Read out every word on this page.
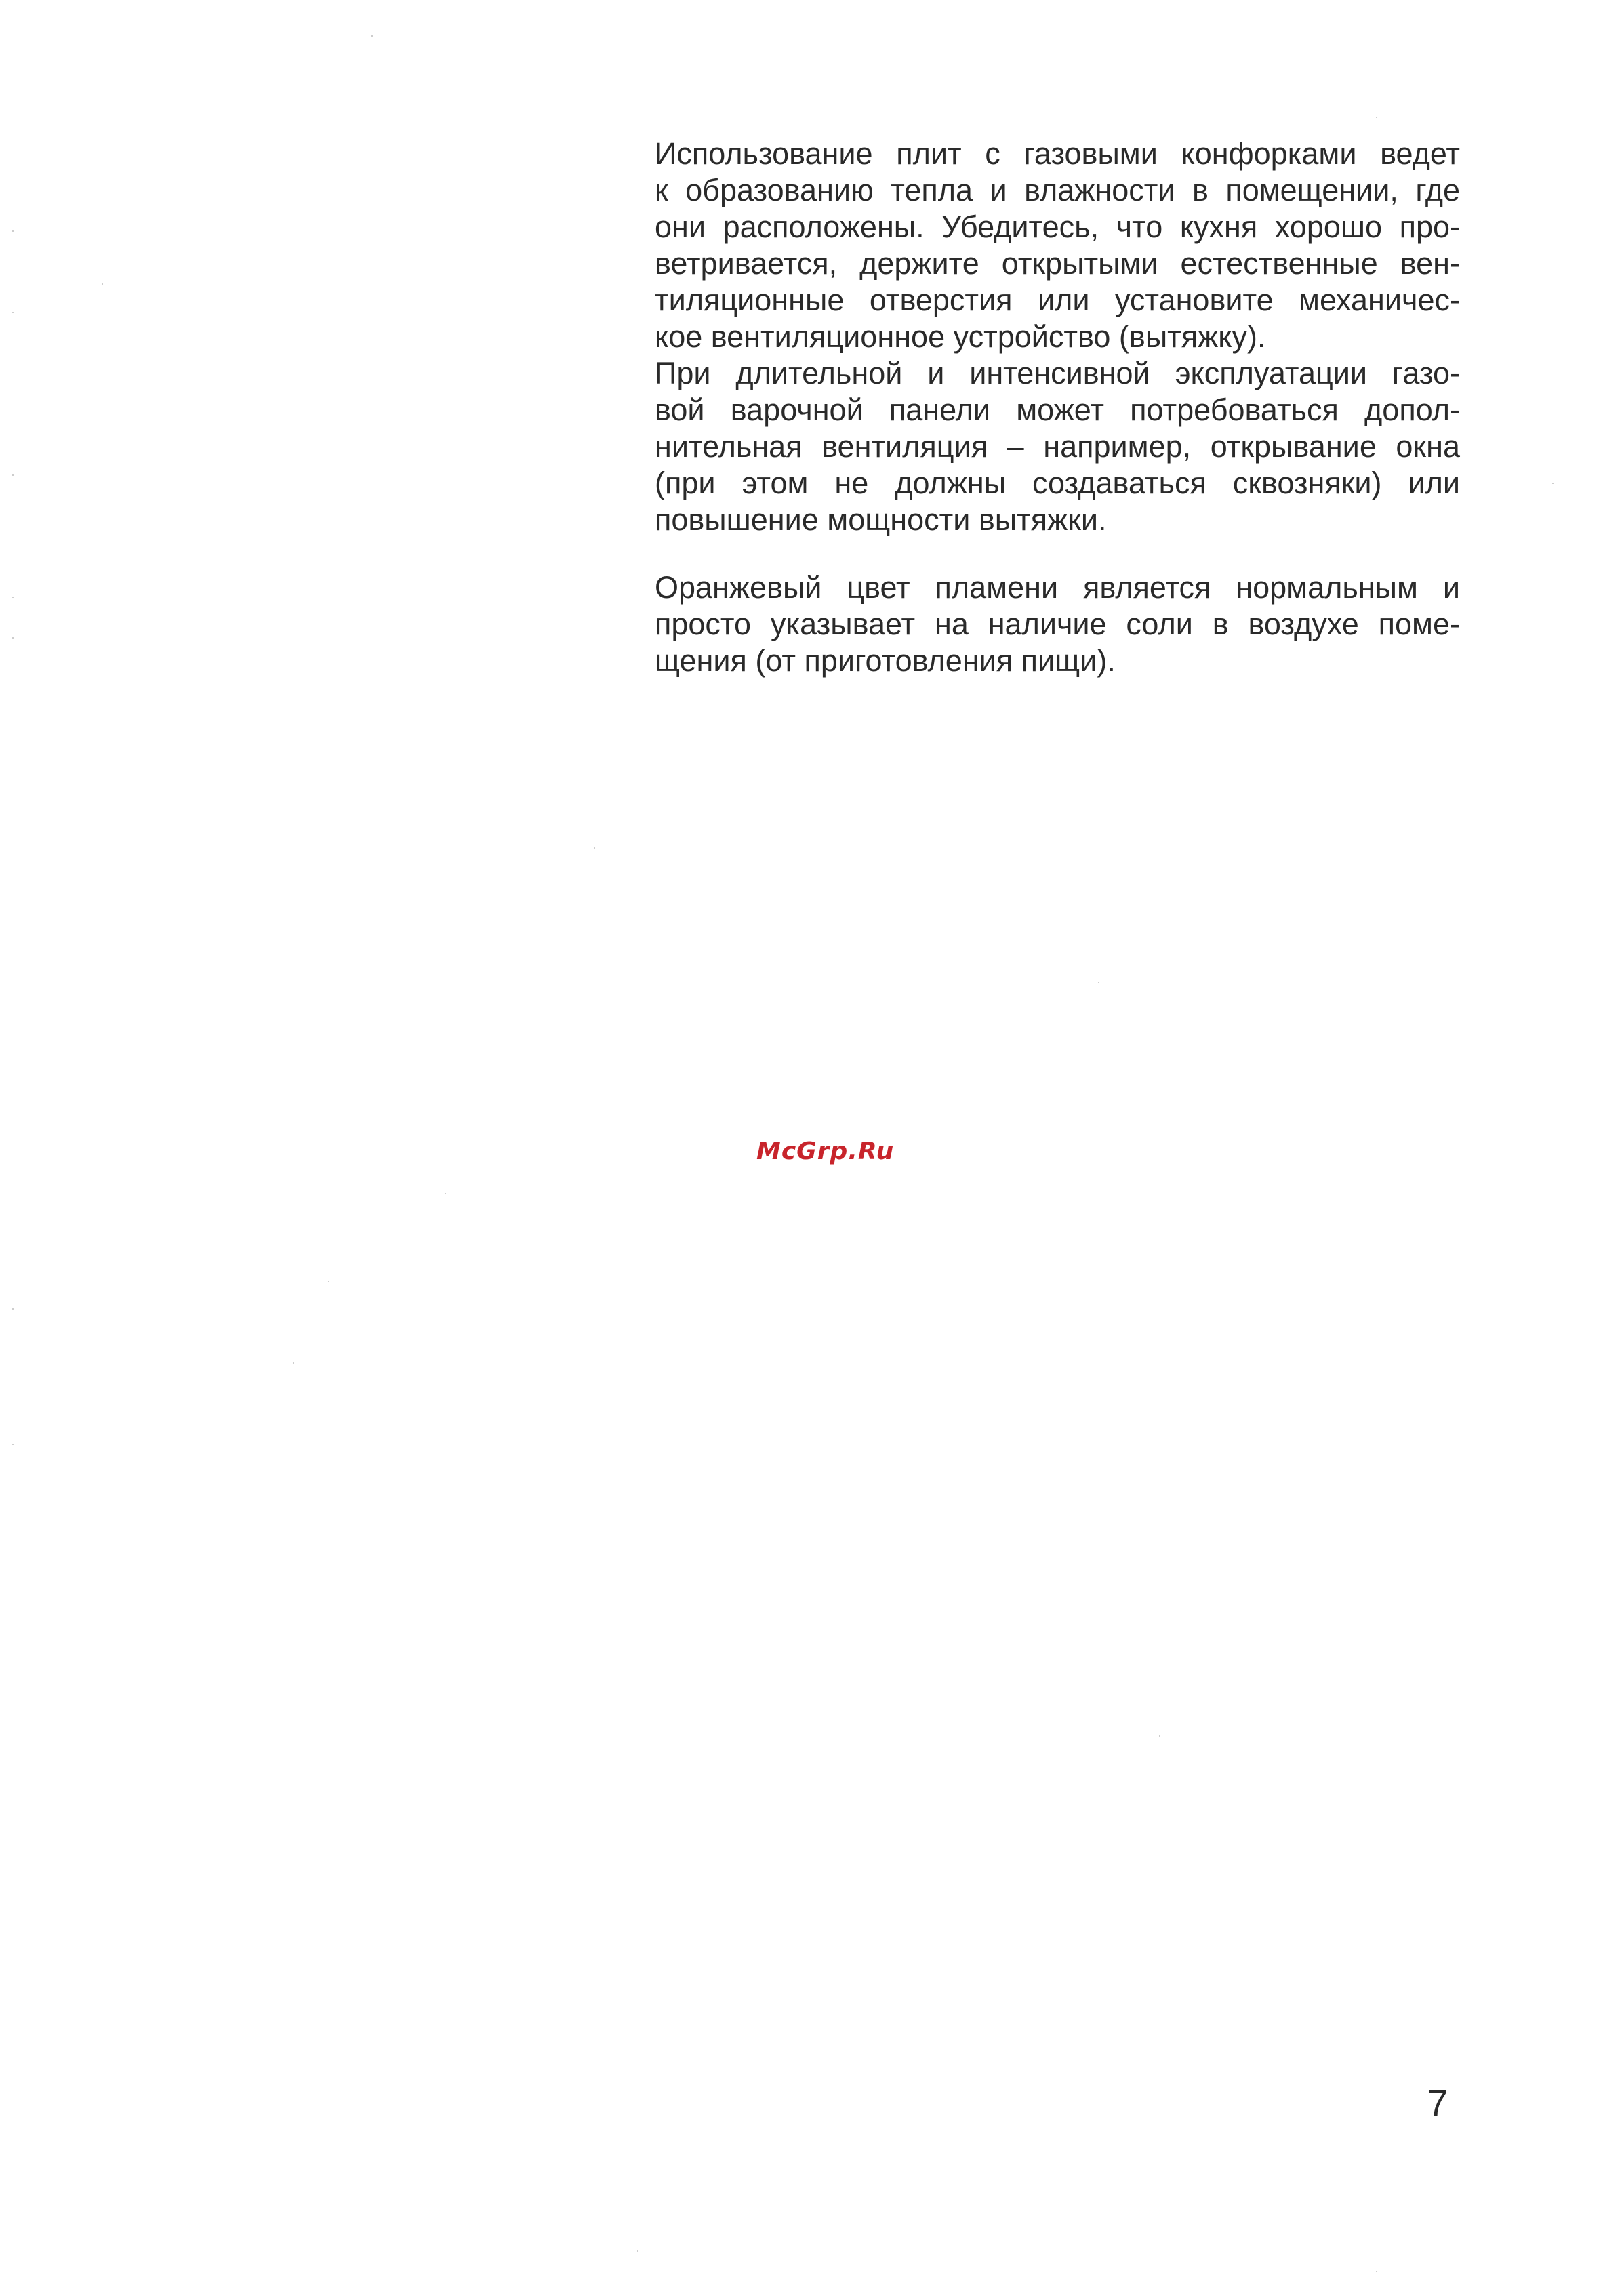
Использование плит с газовыми конфорками ведет
к образованию тепла и влажности в помещении, где
они расположены. Убедитесь, что кухня хорошо про-
ветривается, держите открытыми естественные вен-
тиляционные отверстия или установите механичес-
кое вентиляционное устройство (вытяжку).

При длительной и интенсивной эксплуатации газо-
вой варочной панели может потребоваться допол-
нительная вентиляция – например, открывание окна
(при этом не должны создаваться сквозняки) или
повышение мощности вытяжки.

Оранжевый цвет пламени является нормальным и
просто указывает на наличие соли в воздухе поме-
щения (от приготовления пищи).

McGrp.Ru
7
